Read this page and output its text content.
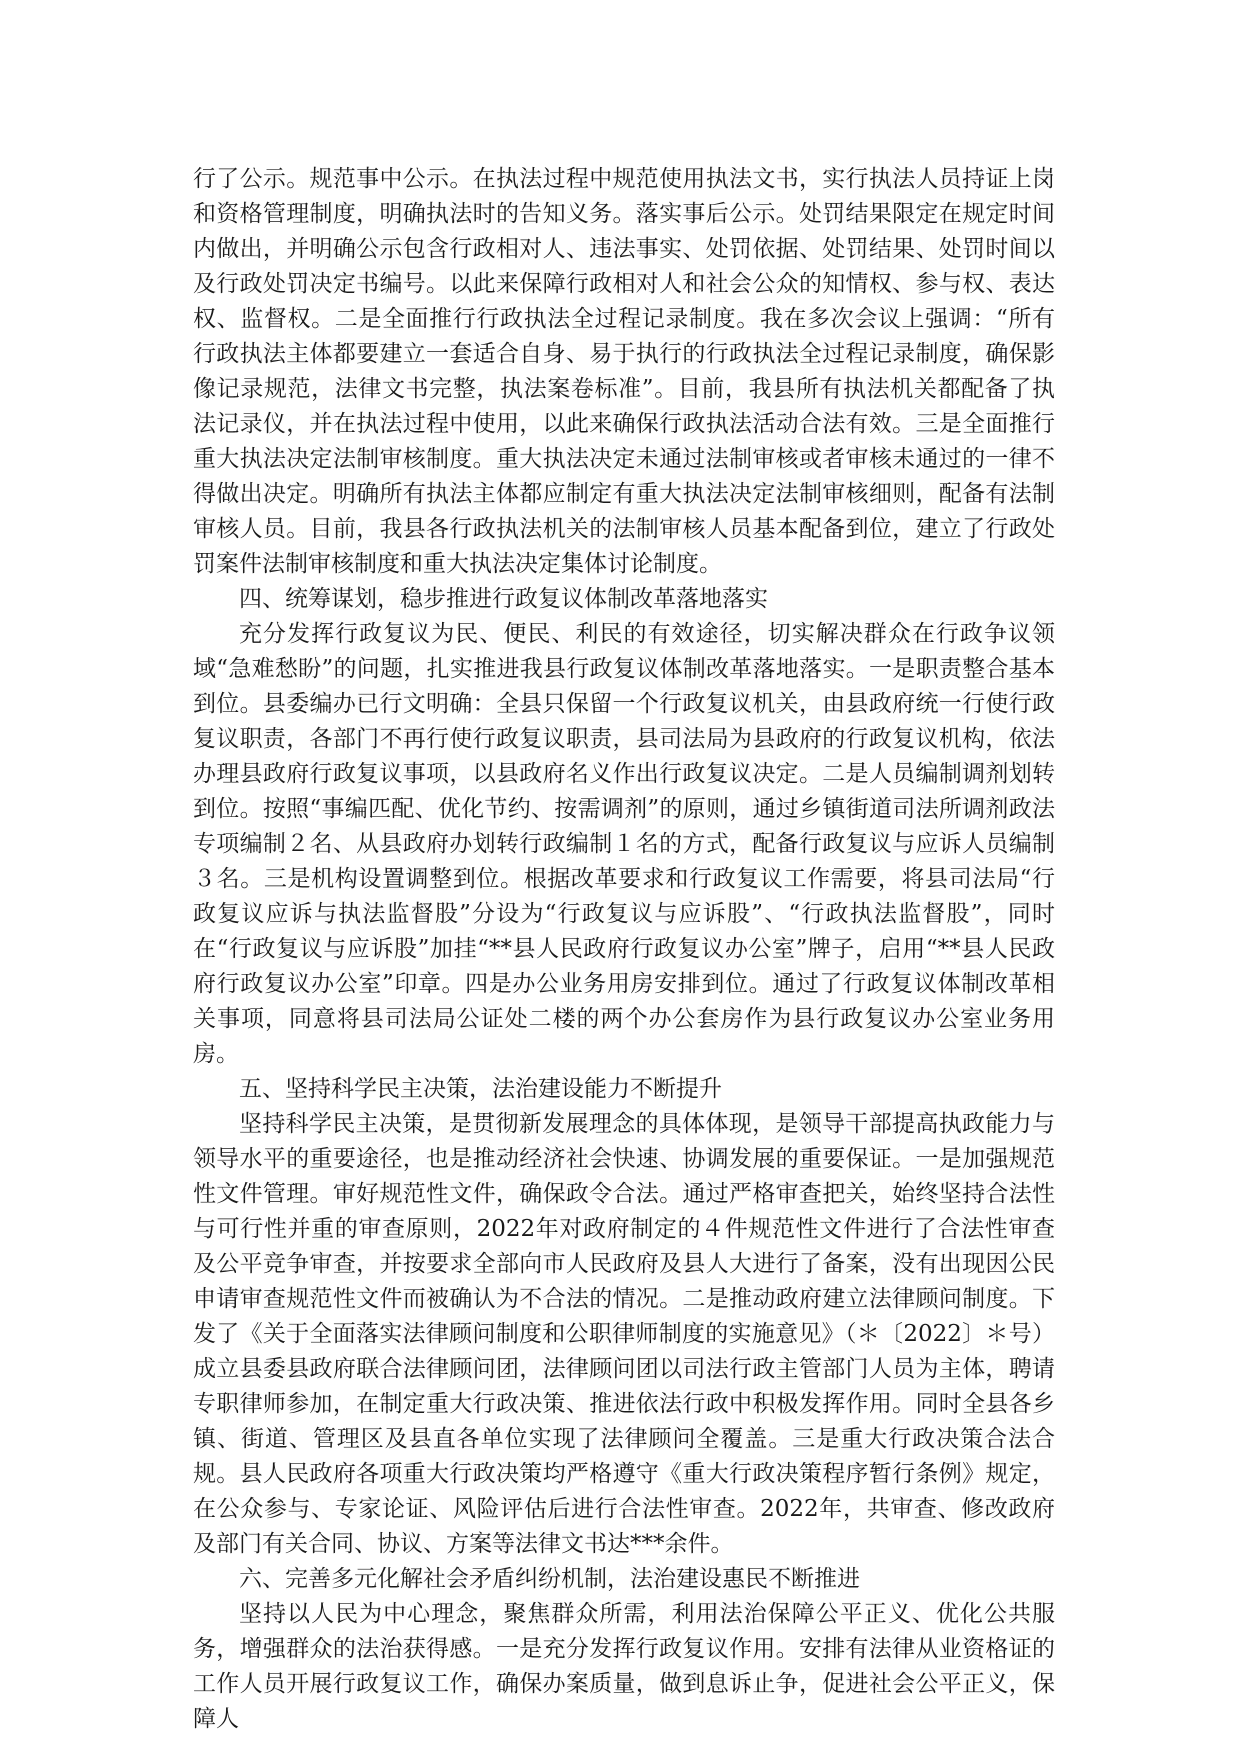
行了公示。规范事中公示。在执法过程中规范使用执法文书，实行执法人员持证上岗和资格管理制度，明确执法时的告知义务。落实事后公示。处罚结果限定在规定时间内做出，并明确公示包含行政相对人、违法事实、处罚依据、处罚结果、处罚时间以及行政处罚决定书编号。以此来保障行政相对人和社会公众的知情权、参与权、表达权、监督权。二是全面推行行政执法全过程记录制度。我在多次会议上强调：“所有行政执法主体都要建立一套适合自身、易于执行的行政执法全过程记录制度，确保影像记录规范，法律文书完整，执法案卷标准”。目前，我县所有执法机关都配备了执法记录仪，并在执法过程中使用，以此来确保行政执法活动合法有效。三是全面推行重大执法决定法制审核制度。重大执法决定未通过法制审核或者审核未通过的一律不得做出决定。明确所有执法主体都应制定有重大执法决定法制审核细则，配备有法制审核人员。目前，我县各行政执法机关的法制审核人员基本配备到位，建立了行政处罚案件法制审核制度和重大执法决定集体讨论制度。

四、统筹谋划，稳步推进行政复议体制改革落地落实

充分发挥行政复议为民、便民、利民的有效途径，切实解决群众在行政争议领域“急难愁盼”的问题，扎实推进我县行政复议体制改革落地落实。一是职责整合基本到位。县委编办已行文明确：全县只保留一个行政复议机关，由县政府统一行使行政复议职责，各部门不再行使行政复议职责，县司法局为县政府的行政复议机构，依法办理县政府行政复议事项，以县政府名义作出行政复议决定。二是人员编制调剂划转到位。按照“事编匹配、优化节约、按需调剂”的原则，通过乡镇街道司法所调剂政法专项编制２名、从县政府办划转行政编制１名的方式，配备行政复议与应诉人员编制３名。三是机构设置调整到位。根据改革要求和行政复议工作需要，将县司法局“行政复议应诉与执法监督股”分设为“行政复议与应诉股”、“行政执法监督股”，同时在“行政复议与应诉股”加挂“**县人民政府行政复议办公室”牌子，启用“**县人民政府行政复议办公室”印章。四是办公业务用房安排到位。通过了行政复议体制改革相关事项，同意将县司法局公证处二楼的两个办公套房作为县行政复议办公室业务用房。

五、坚持科学民主决策，法治建设能力不断提升

坚持科学民主决策，是贯彻新发展理念的具体体现，是领导干部提高执政能力与领导水平的重要途径，也是推动经济社会快速、协调发展的重要保证。一是加强规范性文件管理。审好规范性文件，确保政令合法。通过严格审查把关，始终坚持合法性与可行性并重的审查原则，2022年对政府制定的４件规范性文件进行了合法性审查及公平竞争审查，并按要求全部向市人民政府及县人大进行了备案，没有出现因公民申请审查规范性文件而被确认为不合法的情况。二是推动政府建立法律顾问制度。下发了《关于全面落实法律顾问制度和公职律师制度的实施意见》（＊〔2022〕＊号）成立县委县政府联合法律顾问团，法律顾问团以司法行政主管部门人员为主体，聘请专职律师参加，在制定重大行政决策、推进依法行政中积极发挥作用。同时全县各乡镇、街道、管理区及县直各单位实现了法律顾问全覆盖。三是重大行政决策合法合规。县人民政府各项重大行政决策均严格遵守《重大行政决策程序暂行条例》规定，在公众参与、专家论证、风险评估后进行合法性审查。2022年，共审查、修改政府及部门有关合同、协议、方案等法律文书达***余件。

六、完善多元化解社会矛盾纠纷机制，法治建设惠民不断推进

坚持以人民为中心理念，聚焦群众所需，利用法治保障公平正义、优化公共服务，增强群众的法治获得感。一是充分发挥行政复议作用。安排有法律从业资格证的工作人员开展行政复议工作，确保办案质量，做到息诉止争，促进社会公平正义，保障人
